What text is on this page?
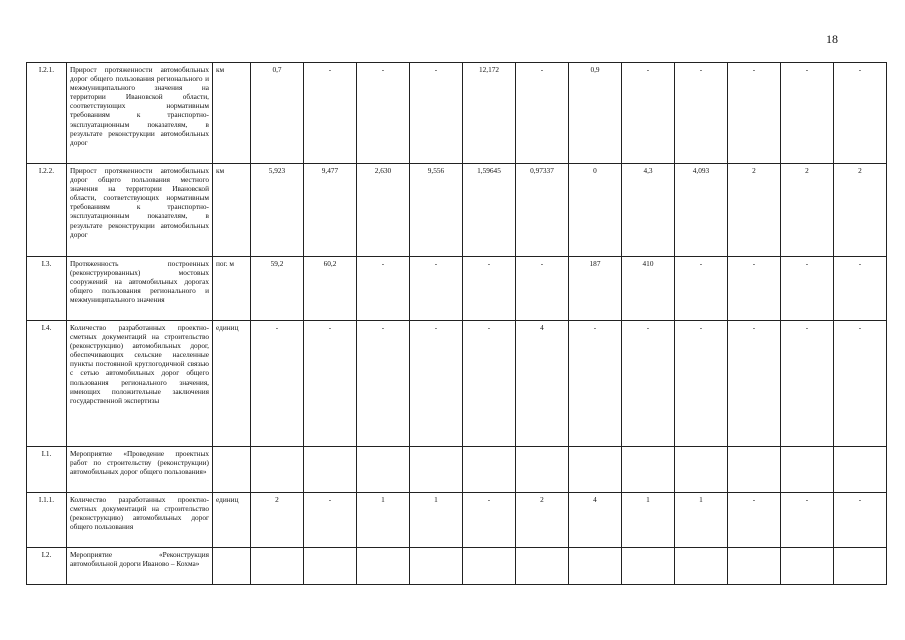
18
I.2.1.	Прирост протяженности автомобильных дорог общего пользования регионального и межмуниципального значения на территории Ивановской области, соответствующих нормативным требованиям к транспортно-эксплуатационным показателям, в результате реконструкции автомобильных дорог	км	0,7	-	-	-	12,172	-	0,9	-	-	-	-	-
I.2.2.	Прирост протяженности автомобильных дорог общего пользования местного значения на территории Ивановской области, соответствующих нормативным требованиям к транспортно-эксплуатационным показателям, в результате реконструкции автомобильных дорог	км	5,923	9,477	2,630	9,556	1,59645	0,97337	0	4,3	4,093	2	2	2
I.3.	Протяженность построенных (реконструированных) мостовых сооружений на автомобильных дорогах общего пользования регионального и межмуниципального значения	пог. м	59,2	60,2	-	-	-	-	187	410	-	-	-	-
I.4.	Количество разработанных проектно-сметных документаций на строительство (реконструкцию) автомобильных дорог, обеспечивающих сельские населенные пункты постоянной круглогодичной связью с сетью автомобильных дорог общего пользования регионального значения, имеющих положительные заключения государственной экспертизы	единиц	-	-	-	-	-	4	-	-	-	-	-	-
I.1.	Мероприятие «Проведение проектных работ по строительству (реконструкции) автомобильных дорог общего пользования»													
I.1.1.	Количество разработанных проектно-сметных документаций на строительство (реконструкцию) автомобильных дорог общего пользования	единиц	2	-	1	1	-	2	4	1	1	-	-	-
I.2.	Мероприятие «Реконструкция автомобильной дороги Иваново – Кохма»													
